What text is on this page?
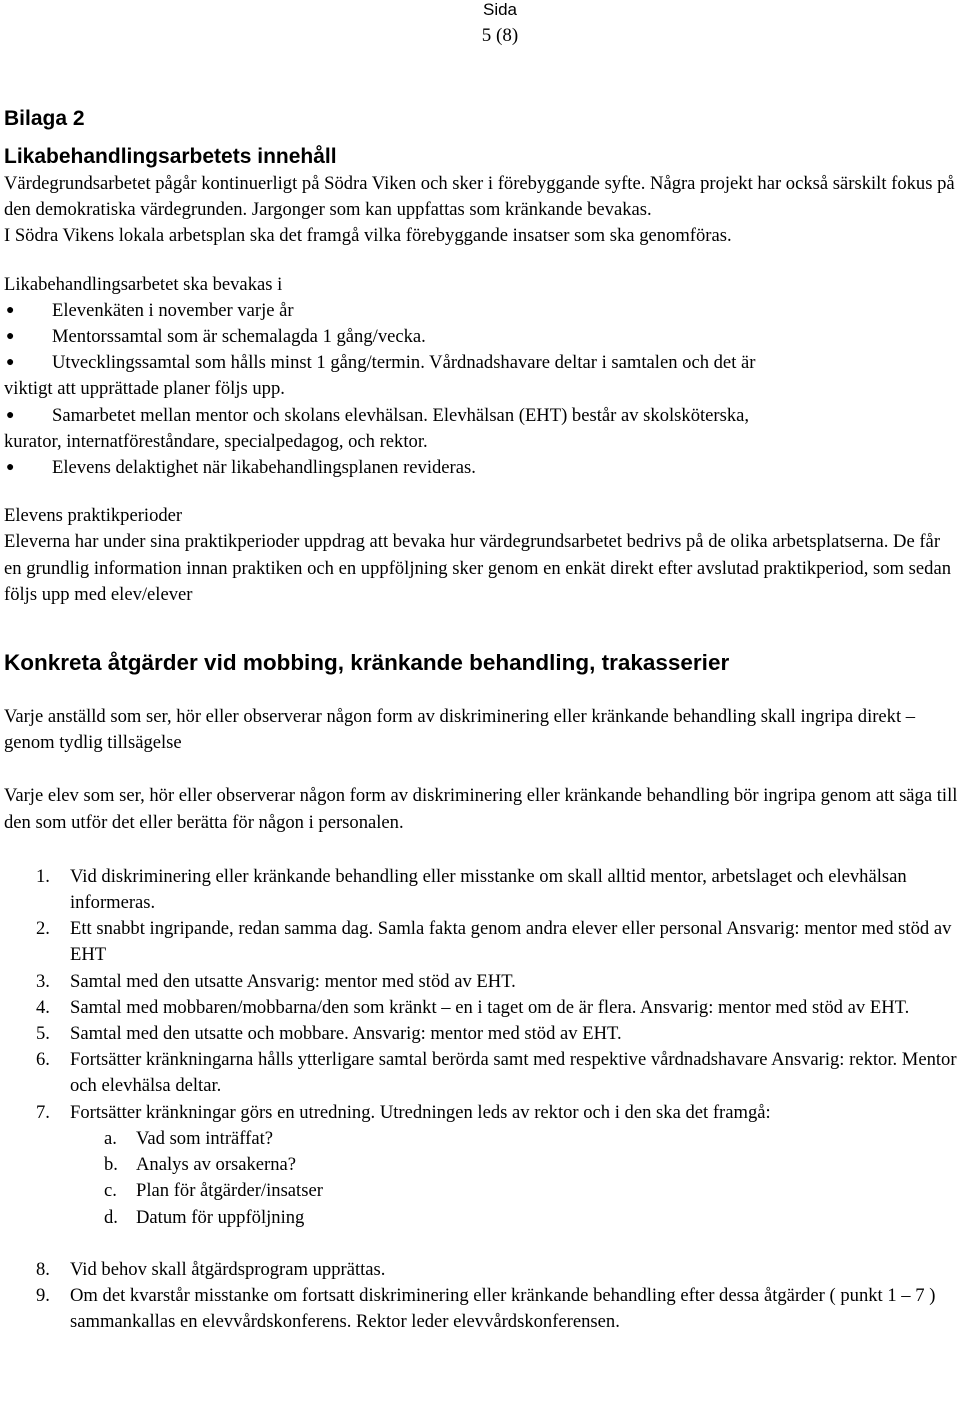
Sida
5 (8)
Bilaga 2
Likabehandlingsarbetets innehåll

Värdegrundsarbetet pågår kontinuerligt på Södra Viken och sker i förebyggande syfte. Några projekt har också särskilt fokus på den demokratiska värdegrunden. Jargonger som kan uppfattas som kränkande bevakas.

I Södra Vikens lokala arbetsplan ska det framgå vilka förebyggande insatser som ska genomföras.

Likabehandlingsarbetet ska bevakas i

● Elevenkäten i november varje år
● Mentorssamtal som är schemalagda 1 gång/vecka.
● Utvecklingssamtal som hålls minst 1 gång/termin. Vårdnadshavare deltar i samtalen och det är
viktigt att upprättade planer följs upp.
● Samarbetet mellan mentor och skolans elevhälsan. Elevhälsan (EHT) består av skolsköterska,
kurator, internatföreståndare, specialpedagog, och rektor.
● Elevens delaktighet när likabehandlingsplanen revideras.

Elevens praktikperioder

Eleverna har under sina praktikperioder uppdrag att bevaka hur värdegrundsarbetet bedrivs på de olika arbetsplatserna. De får en grundlig information innan praktiken och en uppföljning sker genom en enkät direkt efter avslutad praktikperiod, som sedan följs upp med elev/elever

Konkreta åtgärder vid mobbing, kränkande behandling, trakasserier

Varje anställd som ser, hör eller observerar någon form av diskriminering eller kränkande behandling skall ingripa direkt – genom tydlig tillsägelse

Varje elev som ser, hör eller observerar någon form av diskriminering eller kränkande behandling bör ingripa genom att säga till den som utför det eller berätta för någon i personalen.

1. Vid diskriminering eller kränkande behandling eller misstanke om skall alltid mentor, arbetslaget och elevhälsan informeras.
2. Ett snabbt ingripande, redan samma dag. Samla fakta genom andra elever eller personal Ansvarig: mentor med stöd av EHT
3. Samtal med den utsatte Ansvarig: mentor med stöd av EHT.
4. Samtal med mobbaren/mobbarna/den som kränkt – en i taget om de är flera. Ansvarig: mentor med stöd av EHT.
5. Samtal med den utsatte och mobbare. Ansvarig: mentor med stöd av EHT.
6. Fortsätter kränkningarna hålls ytterligare samtal berörda samt med respektive vårdnadshavare Ansvarig: rektor. Mentor och elevhälsa deltar.
7. Fortsätter kränkningar görs en utredning. Utredningen leds av rektor och i den ska det framgå:
a. Vad som inträffat?
b. Analys av orsakerna?
c. Plan för åtgärder/insatser
d. Datum för uppföljning
8. Vid behov skall åtgärdsprogram upprättas.
9. Om det kvarstår misstanke om fortsatt diskriminering eller kränkande behandling efter dessa åtgärder ( punkt 1 – 7 ) sammankallas en elevvårdskonferens. Rektor leder elevvårdskonferensen.
